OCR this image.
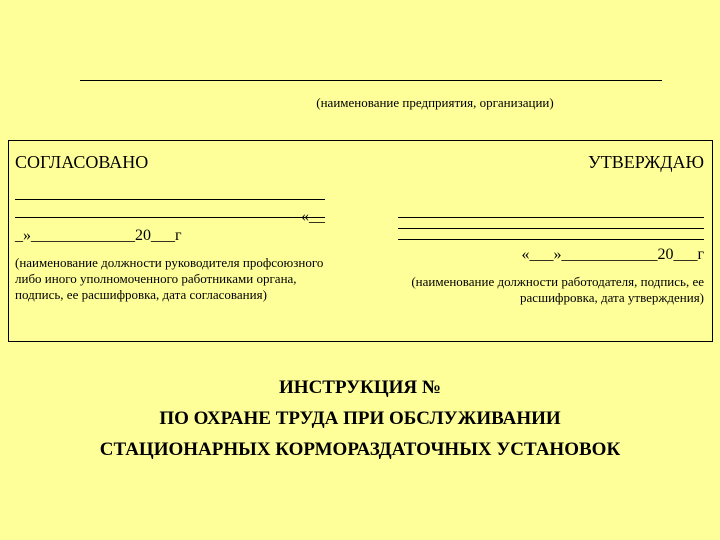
(наименование предприятия, организации)
СОГЛАСОВАНО
«__
_»_____________20___г
(наименование должности руководителя профсоюзного либо иного уполномоченного работниками органа, подпись, ее расшифровка, дата согласования)
УТВЕРЖДАЮ
«___»____________20___г
(наименование должности работодателя, подпись, ее расшифровка, дата утверждения)
ИНСТРУКЦИЯ №
ПО ОХРАНЕ ТРУДА ПРИ ОБСЛУЖИВАНИИ
СТАЦИОНАРНЫХ КОРМОРАЗДАТОЧНЫХ УСТАНОВОК
